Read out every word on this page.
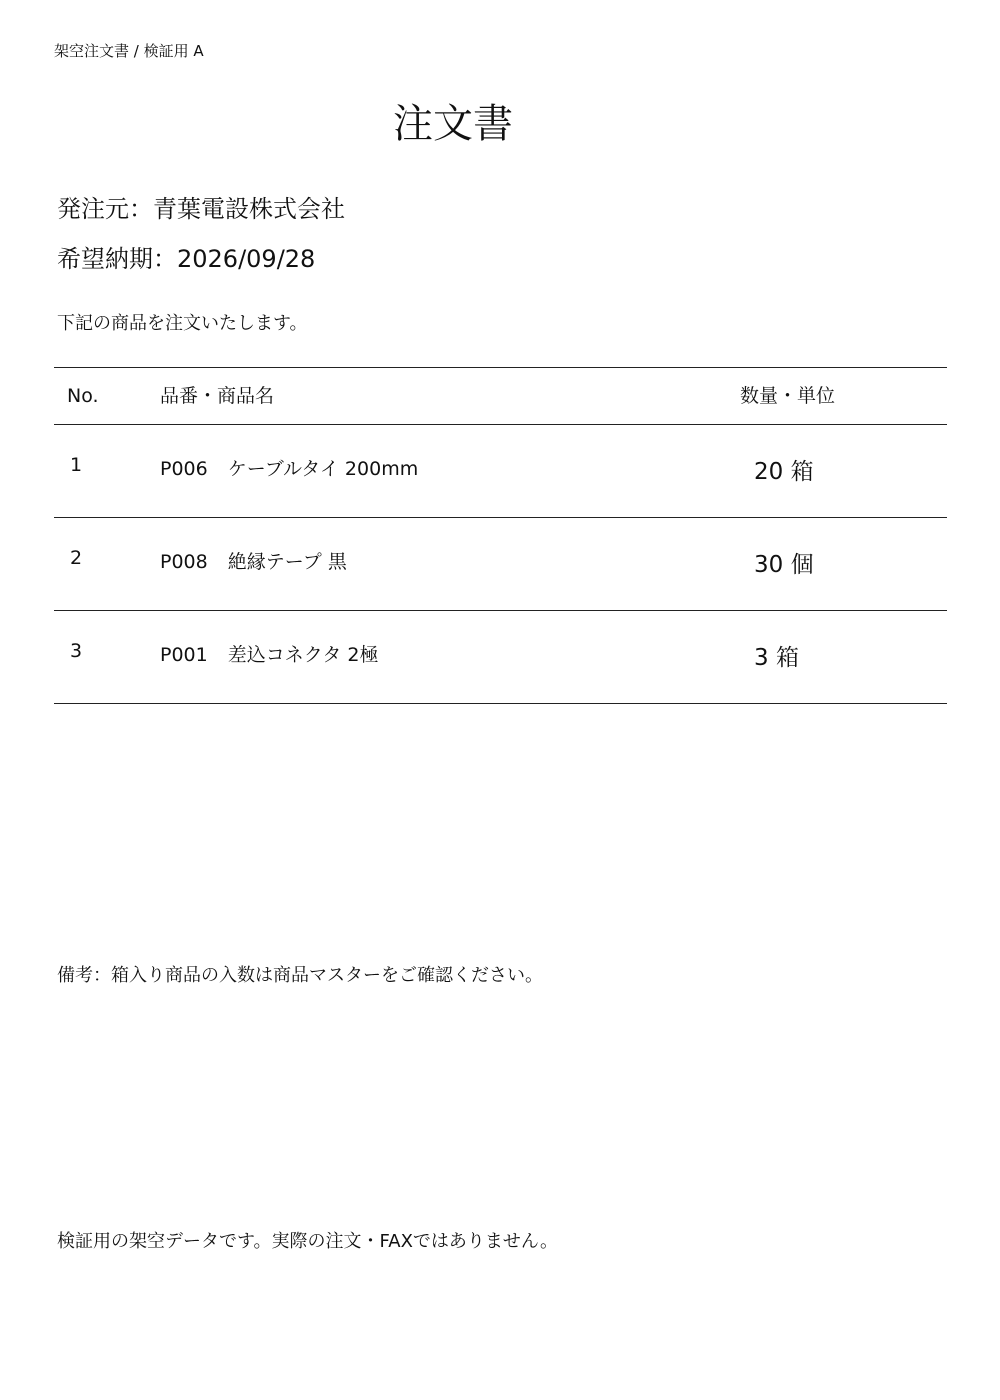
架空注文書 / 検証用 A
注文書
発注元：青葉電設株式会社
希望納期：2026/09/28
下記の商品を注文いたします。
No.	品番・商品名	数量・単位
1	P006 ケーブルタイ 200mm	20 箱
2	P008 絶縁テープ 黒	30 個
3	P001 差込コネクタ 2極	3 箱
備考：箱入り商品の入数は商品マスターをご確認ください。
検証用の架空データです。実際の注文・FAXではありません。
